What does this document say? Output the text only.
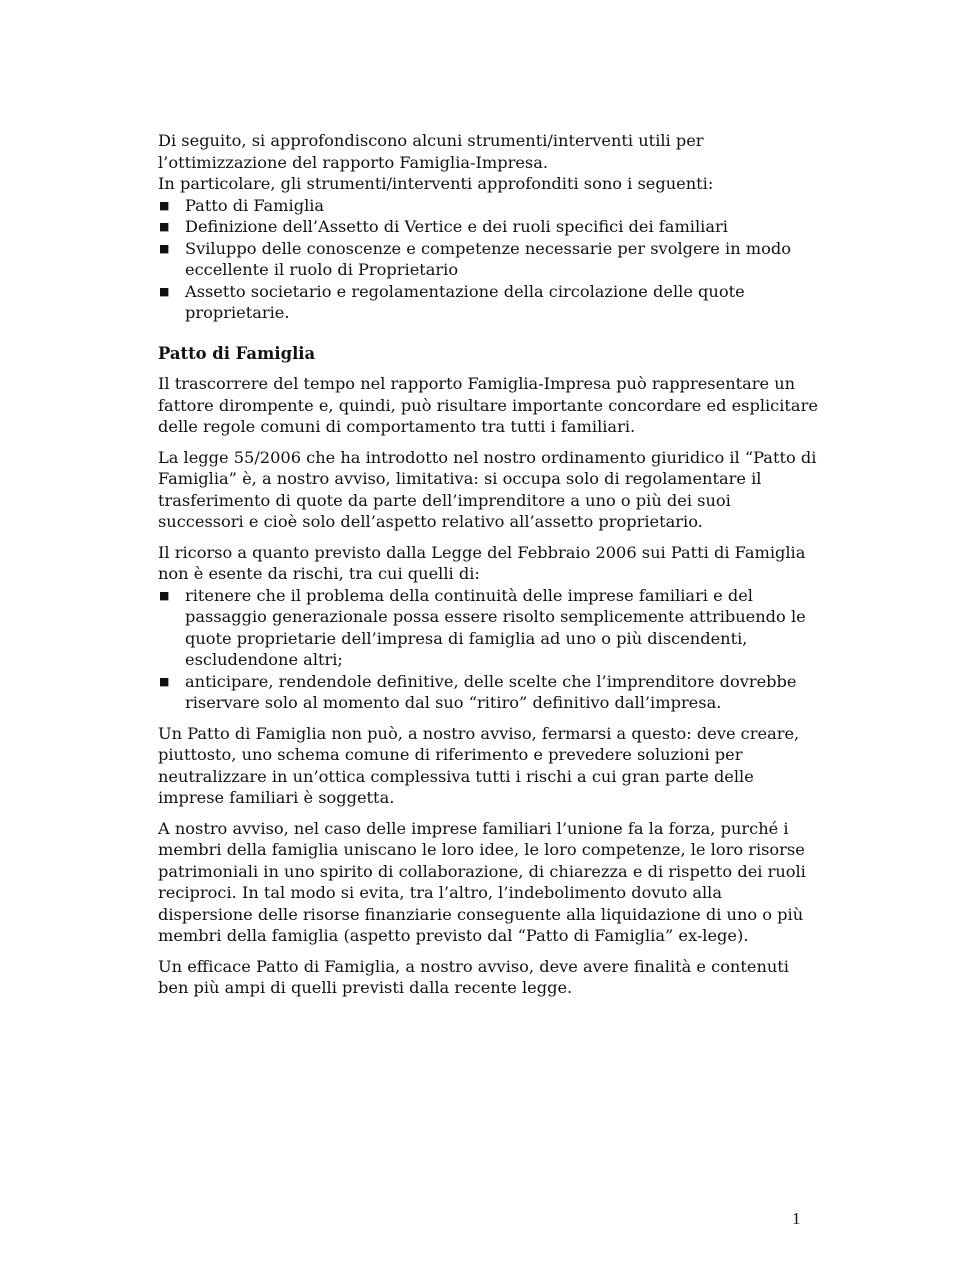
Di seguito, si approfondiscono alcuni strumenti/interventi utili per l’ottimizzazione del rapporto Famiglia-Impresa.

In particolare, gli strumenti/interventi approfonditi sono i seguenti:

■ Patto di Famiglia
■ Definizione dell’Assetto di Vertice e dei ruoli specifici dei familiari
■ Sviluppo delle conoscenze e competenze necessarie per svolgere in modo eccellente il ruolo di Proprietario
■ Assetto societario e regolamentazione della circolazione delle quote proprietarie.
Patto di Famiglia

Il trascorrere del tempo nel rapporto Famiglia-Impresa può rappresentare un fattore dirompente e, quindi, può risultare importante concordare ed esplicitare delle regole comuni di comportamento tra tutti i familiari.

La legge 55/2006 che ha introdotto nel nostro ordinamento giuridico il “Patto di Famiglia” è, a nostro avviso, limitativa: si occupa solo di regolamentare il trasferimento di quote da parte dell’imprenditore a uno o più dei suoi successori e cioè solo dell’aspetto relativo all’assetto proprietario.

Il ricorso a quanto previsto dalla Legge del Febbraio 2006 sui Patti di Famiglia non è esente da rischi, tra cui quelli di:

■ ritenere che il problema della continuità delle imprese familiari e del passaggio generazionale possa essere risolto semplicemente attribuendo le quote proprietarie dell’impresa di famiglia ad uno o più discendenti, escludendone altri;
■ anticipare, rendendole definitive, delle scelte che l’imprenditore dovrebbe riservare solo al momento dal suo “ritiro” definitivo dall’impresa.

Un Patto di Famiglia non può, a nostro avviso, fermarsi a questo: deve creare, piuttosto, uno schema comune di riferimento e prevedere soluzioni per neutralizzare in un’ottica complessiva tutti i rischi a cui gran parte delle imprese familiari è soggetta.

A nostro avviso, nel caso delle imprese familiari l’unione fa la forza, purché i membri della famiglia uniscano le loro idee, le loro competenze, le loro risorse patrimoniali in uno spirito di collaborazione, di chiarezza e di rispetto dei ruoli reciproci. In tal modo si evita, tra l’altro, l’indebolimento dovuto alla dispersione delle risorse finanziarie conseguente alla liquidazione di uno o più membri della famiglia (aspetto previsto dal “Patto di Famiglia” ex-lege).

Un efficace Patto di Famiglia, a nostro avviso, deve avere finalità e contenuti ben più ampi di quelli previsti dalla recente legge.

1
